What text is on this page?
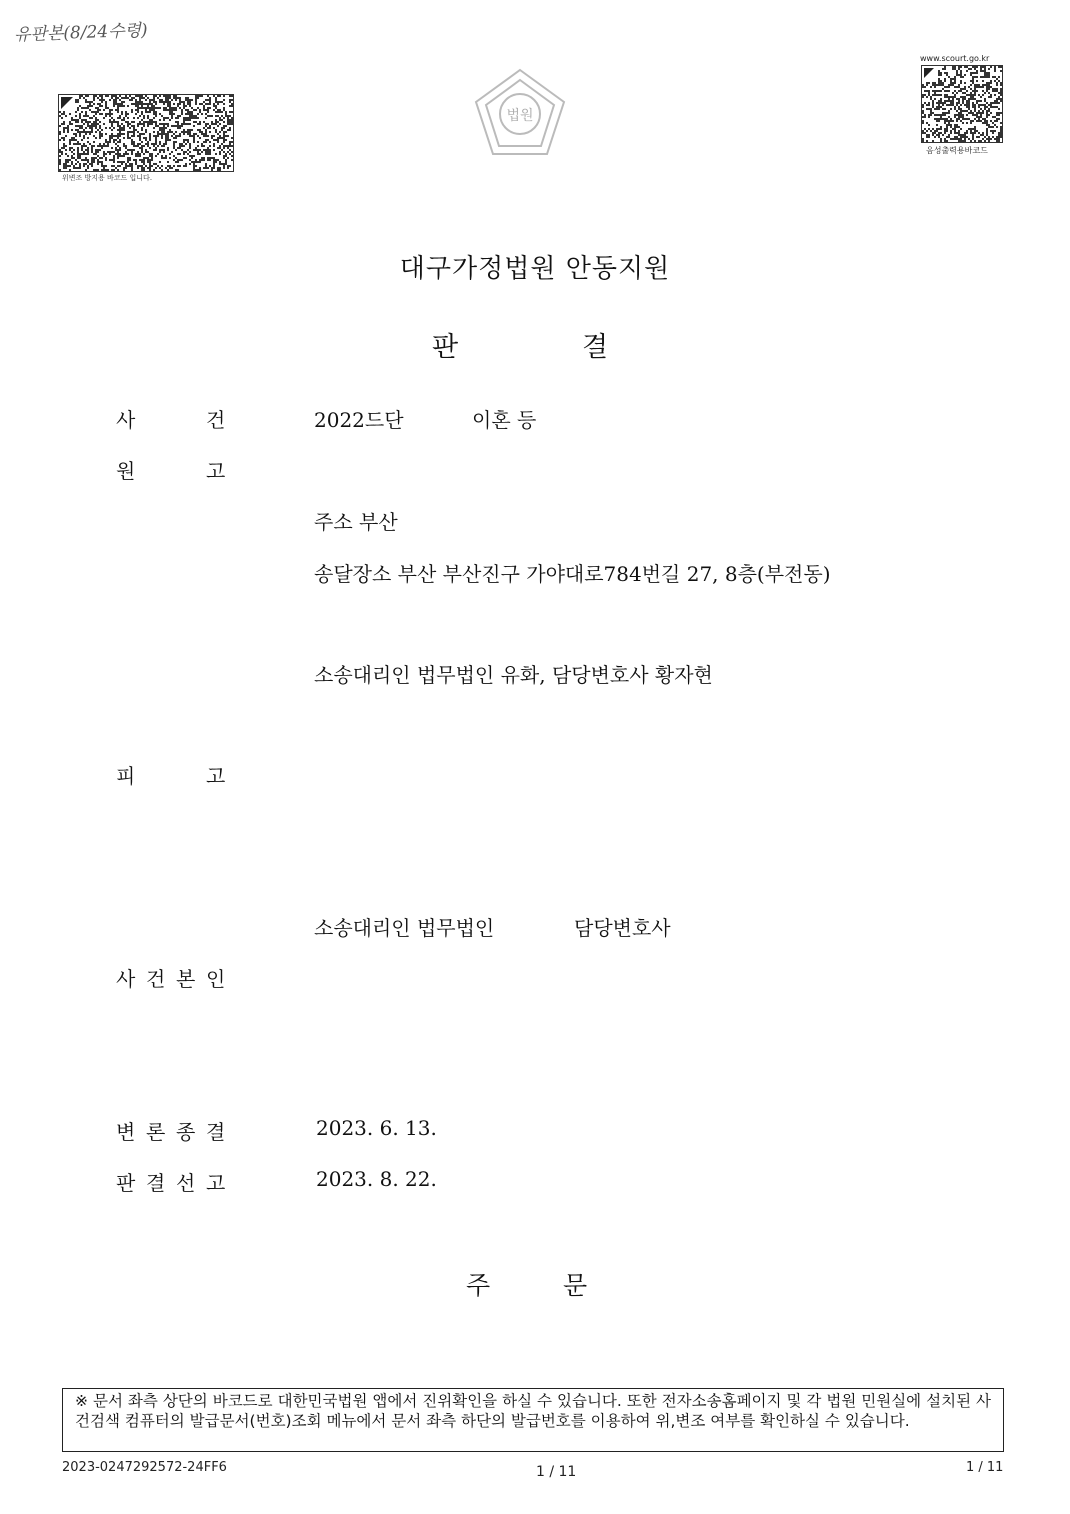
유판본(8/24수령)
위변조 방지용 바코드 입니다.
법원
www.scourt.go.kr
음성출력용바코드
대구가정법원 안동지원
판	결
사	건	2022드단	이혼 등
원	고
주소 부산
송달장소 부산 부산진구 가야대로784번길 27, 8층(부전동)
소송대리인 법무법인 유화, 담당변호사 황자현
피	고
소송대리인 법무법인	담당변호사
사 건 본 인
변 론 종 결	2023. 6. 13.
판 결 선 고	2023. 8. 22.
주	문
※ 문서 좌측 상단의 바코드로 대한민국법원 앱에서 진위확인을 하실 수 있습니다. 또한 전자소송홈페이지 및 각 법원 민원실에 설치된 사건검색 컴퓨터의 발급문서(번호)조회 메뉴에서 문서 좌측 하단의 발급번호를 이용하여 위,변조 여부를 확인하실 수 있습니다.
2023-0247292572-24FF6	1 / 11	1 / 11
